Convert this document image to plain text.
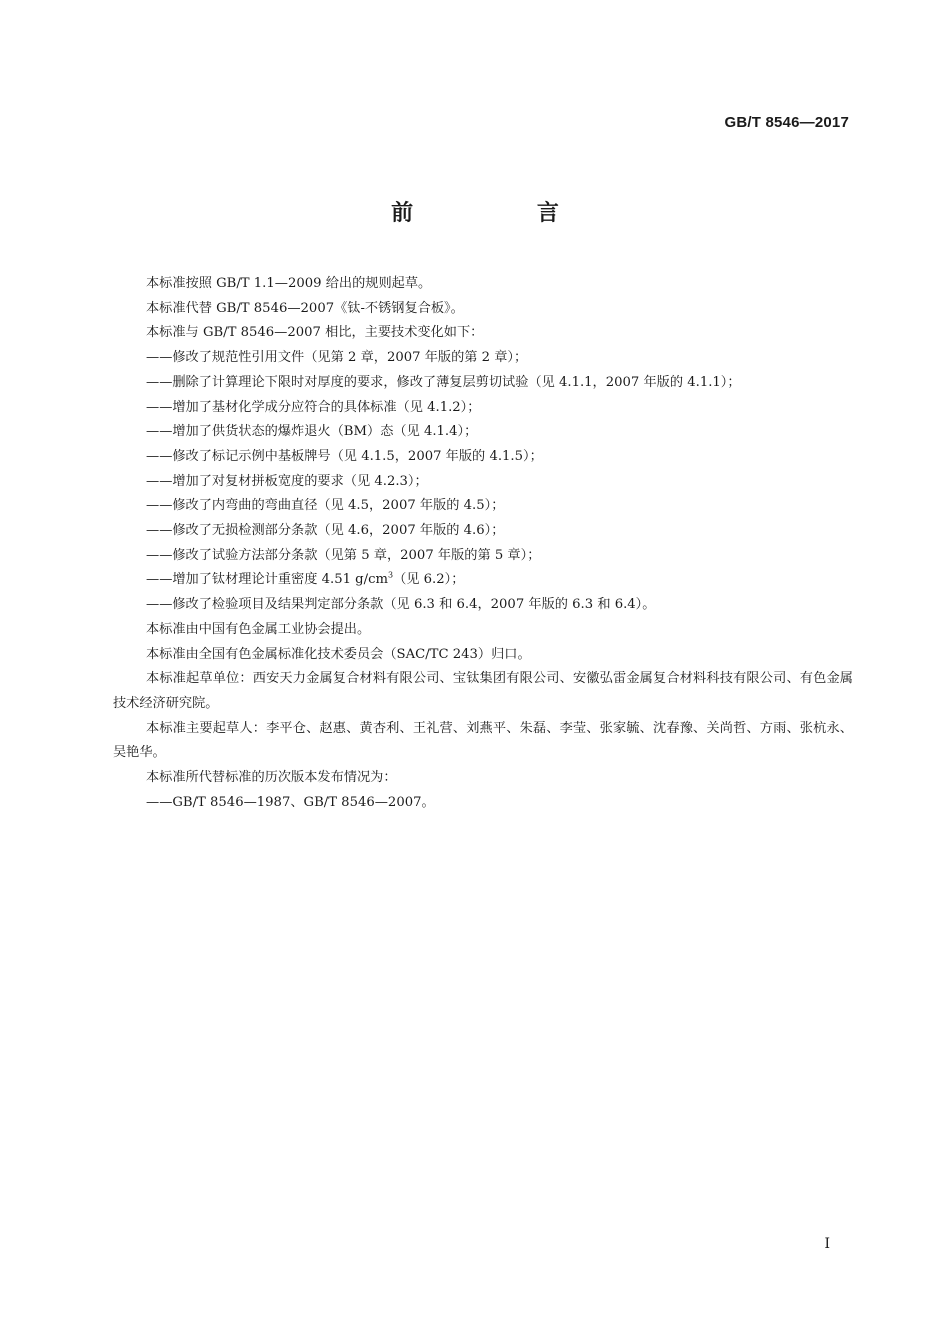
GB/T 8546—2017
前 言

本标准按照 GB/T 1.1—2009 给出的规则起草。

本标准代替 GB/T 8546—2007《钛-不锈钢复合板》。

本标准与 GB/T 8546—2007 相比，主要技术变化如下：

——修改了规范性引用文件（见第 2 章，2007 年版的第 2 章）；

——删除了计算理论下限时对厚度的要求，修改了薄复层剪切试验（见 4.1.1，2007 年版的 4.1.1）；

——增加了基材化学成分应符合的具体标准（见 4.1.2）；

——增加了供货状态的爆炸退火（BM）态（见 4.1.4）；

——修改了标记示例中基板牌号（见 4.1.5，2007 年版的 4.1.5）；

——增加了对复材拼板宽度的要求（见 4.2.3）；

——修改了内弯曲的弯曲直径（见 4.5，2007 年版的 4.5）；

——修改了无损检测部分条款（见 4.6，2007 年版的 4.6）；

——修改了试验方法部分条款（见第 5 章，2007 年版的第 5 章）；

——增加了钛材理论计重密度 4.51 $g/cm^3$（见 6.2）；

——修改了检验项目及结果判定部分条款（见 6.3 和 6.4，2007 年版的 6.3 和 6.4）。

本标准由中国有色金属工业协会提出。

本标准由全国有色金属标准化技术委员会（SAC/TC 243）归口。

本标准起草单位：西安天力金属复合材料有限公司、宝钛集团有限公司、安徽弘雷金属复合材料科技有限公司、有色金属技术经济研究院。

本标准主要起草人：李平仓、赵惠、黄杏利、王礼营、刘燕平、朱磊、李莹、张家毓、沈春豫、关尚哲、方雨、张杭永、吴艳华。

本标准所代替标准的历次版本发布情况为：

——GB/T 8546—1987、GB/T 8546—2007。

I
